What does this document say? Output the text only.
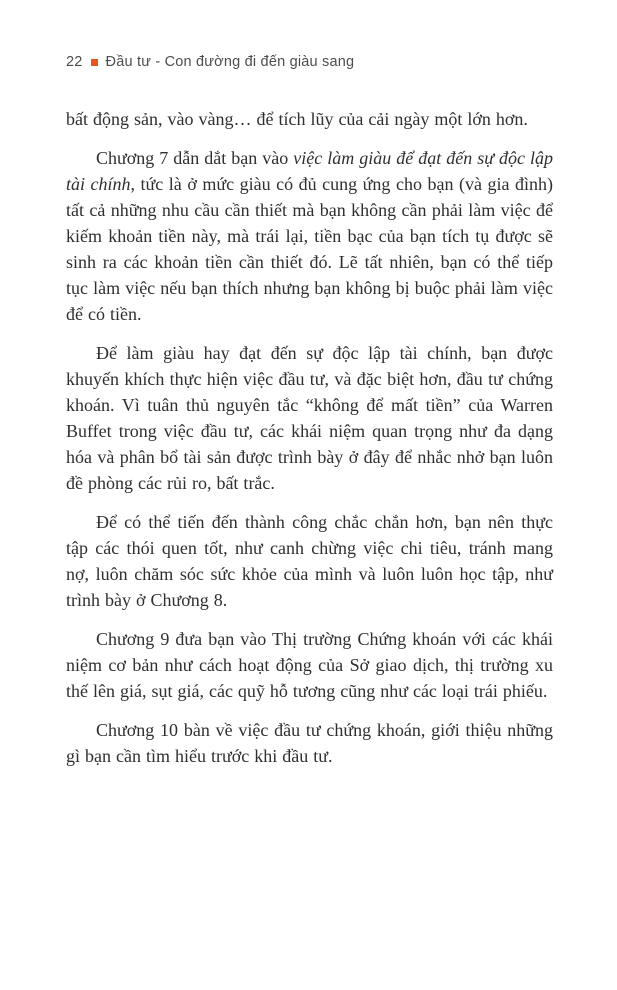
22 Đầu tư - Con đường đi đến giàu sang

bất động sản, vào vàng… để tích lũy của cải ngày một lớn hơn.

Chương 7 dẫn dắt bạn vào việc làm giàu để đạt đến sự độc lập tài chính, tức là ở mức giàu có đủ cung ứng cho bạn (và gia đình) tất cả những nhu cầu cần thiết mà bạn không cần phải làm việc để kiếm khoản tiền này, mà trái lại, tiền bạc của bạn tích tụ được sẽ sinh ra các khoản tiền cần thiết đó. Lẽ tất nhiên, bạn có thể tiếp tục làm việc nếu bạn thích nhưng bạn không bị buộc phải làm việc để có tiền.

Để làm giàu hay đạt đến sự độc lập tài chính, bạn được khuyến khích thực hiện việc đầu tư, và đặc biệt hơn, đầu tư chứng khoán. Vì tuân thủ nguyên tắc “không để mất tiền” của Warren Buffet trong việc đầu tư, các khái niệm quan trọng như đa dạng hóa và phân bổ tài sản được trình bày ở đây để nhắc nhở bạn luôn đề phòng các rủi ro, bất trắc.

Để có thể tiến đến thành công chắc chắn hơn, bạn nên thực tập các thói quen tốt, như canh chừng việc chi tiêu, tránh mang nợ, luôn chăm sóc sức khỏe của mình và luôn luôn học tập, như trình bày ở Chương 8.

Chương 9 đưa bạn vào Thị trường Chứng khoán với các khái niệm cơ bản như cách hoạt động của Sở giao dịch, thị trường xu thế lên giá, sụt giá, các quỹ hỗ tương cũng như các loại trái phiếu.

Chương 10 bàn về việc đầu tư chứng khoán, giới thiệu những gì bạn cần tìm hiểu trước khi đầu tư.
